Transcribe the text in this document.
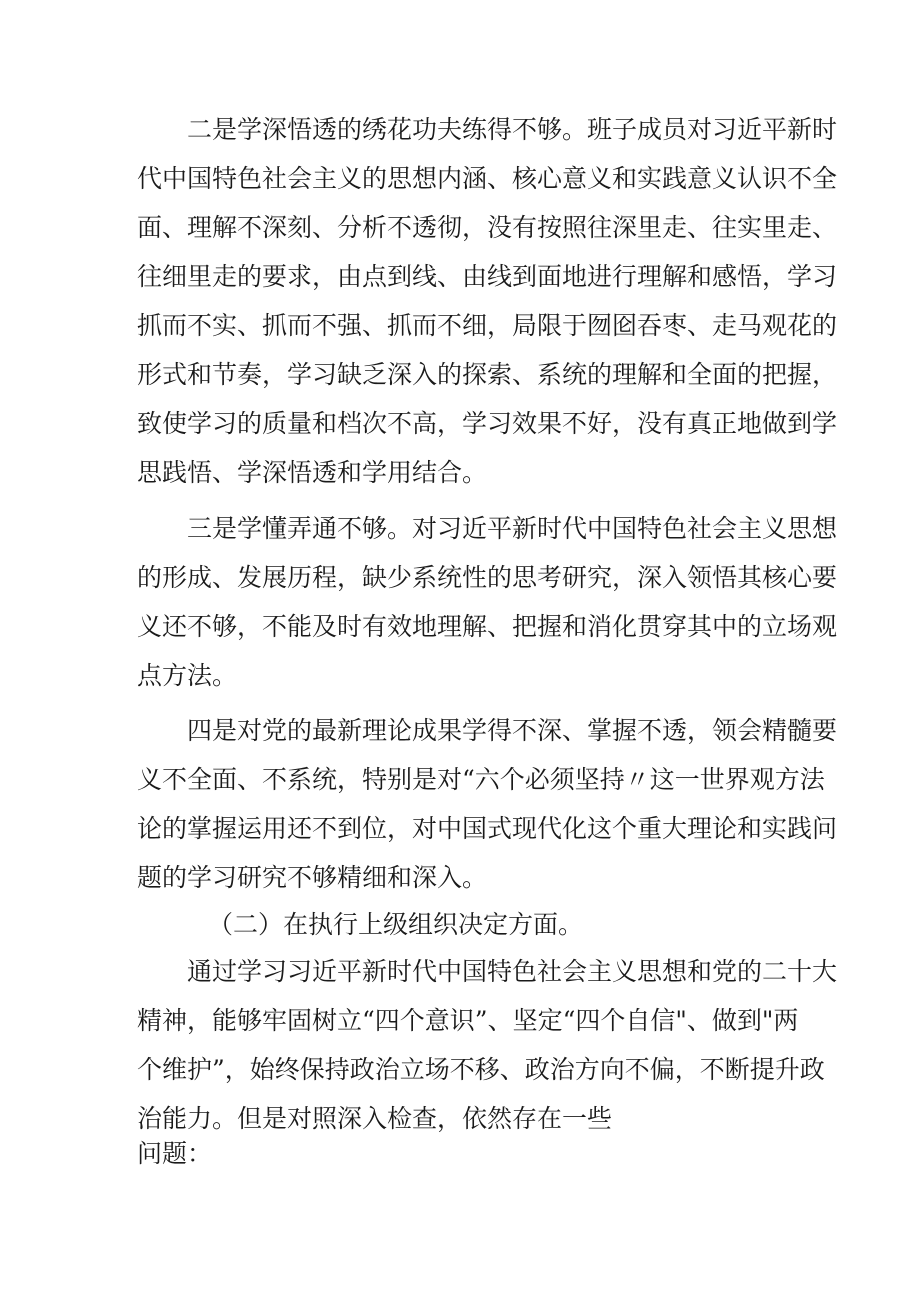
二是学深悟透的绣花功夫练得不够。班子成员对习近平新时
代中国特色社会主义的思想内涵、核心意义和实践意义认识不全
面、理解不深刻、分析不透彻，没有按照往深里走、往实里走、
往细里走的要求，由点到线、由线到面地进行理解和感悟，学习
抓而不实、抓而不强、抓而不细，局限于囫囵吞枣、走马观花的
形式和节奏，学习缺乏深入的探索、系统的理解和全面的把握，
致使学习的质量和档次不高，学习效果不好，没有真正地做到学
思践悟、学深悟透和学用结合。
三是学懂弄通不够。对习近平新时代中国特色社会主义思想
的形成、发展历程，缺少系统性的思考研究，深入领悟其核心要
义还不够，不能及时有效地理解、把握和消化贯穿其中的立场观
点方法。
四是对党的最新理论成果学得不深、掌握不透，领会精髓要
义不全面、不系统，特别是对“六个必须坚持〃这一世界观方法
论的掌握运用还不到位，对中国式现代化这个重大理论和实践问
题的学习研究不够精细和深入。
（二）在执行上级组织决定方面。
通过学习习近平新时代中国特色社会主义思想和党的二十大
精神，能够牢固树立“四个意识”、坚定“四个自信"、做到"两
个维护”，始终保持政治立场不移、政治方向不偏，不断提升政
治能力。但是对照深入检查，依然存在一些
问题：
